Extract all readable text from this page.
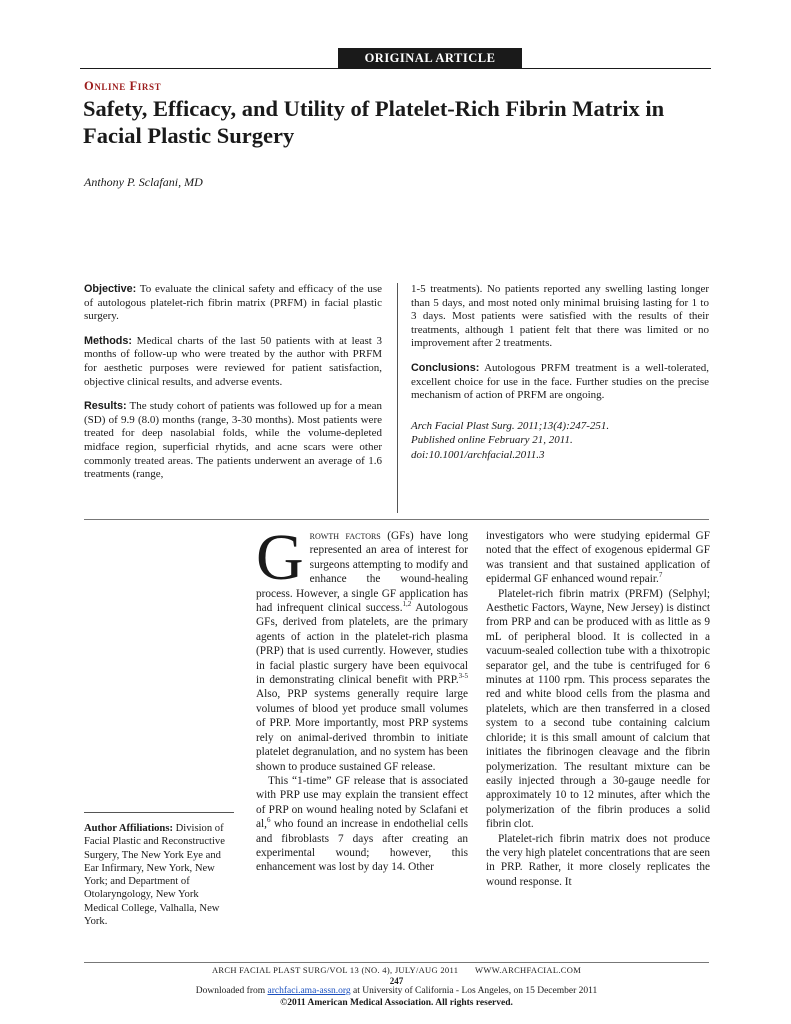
ORIGINAL ARTICLE
Online First
Safety, Efficacy, and Utility of Platelet-Rich Fibrin Matrix in Facial Plastic Surgery
Anthony P. Sclafani, MD

Objective: To evaluate the clinical safety and efficacy of the use of autologous platelet-rich fibrin matrix (PRFM) in facial plastic surgery.

Methods: Medical charts of the last 50 patients with at least 3 months of follow-up who were treated by the author with PRFM for aesthetic purposes were reviewed for patient satisfaction, objective clinical results, and adverse events.

Results: The study cohort of patients was followed up for a mean (SD) of 9.9 (8.0) months (range, 3-30 months). Most patients were treated for deep nasolabial folds, while the volume-depleted midface region, superficial rhytids, and acne scars were other commonly treated areas. The patients underwent an average of 1.6 treatments (range,

1-5 treatments). No patients reported any swelling lasting longer than 5 days, and most noted only minimal bruising lasting for 1 to 3 days. Most patients were satisfied with the results of their treatments, although 1 patient felt that there was limited or no improvement after 2 treatments.

Conclusions: Autologous PRFM treatment is a well-tolerated, excellent choice for use in the face. Further studies on the precise mechanism of action of PRFM are ongoing.

Arch Facial Plast Surg. 2011;13(4):247-251.
Published online February 21, 2011.
doi:10.1001/archfacial.2011.3

Growth factors (GFs) have long represented an area of interest for surgeons attempting to modify and enhance the wound-healing process. However, a single GF application has had infrequent clinical success.$^{1,2}$ Autologous GFs, derived from platelets, are the primary agents of action in the platelet-rich plasma (PRP) that is used currently. However, studies in facial plastic surgery have been equivocal in demonstrating clinical benefit with PRP.$^{3-5}$ Also, PRP systems generally require large volumes of blood yet produce small volumes of PRP. More importantly, most PRP systems rely on animal-derived thrombin to initiate platelet degranulation, and no system has been shown to produce sustained GF release.

This “1-time” GF release that is associated with PRP use may explain the transient effect of PRP on wound healing noted by Sclafani et al,$^6$ who found an increase in endothelial cells and fibroblasts 7 days after creating an experimental wound; however, this enhancement was lost by day 14. Other

investigators who were studying epidermal GF noted that the effect of exogenous epidermal GF was transient and that sustained application of epidermal GF enhanced wound repair.$^7$

Platelet-rich fibrin matrix (PRFM) (Selphyl; Aesthetic Factors, Wayne, New Jersey) is distinct from PRP and can be produced with as little as 9 mL of peripheral blood. It is collected in a vacuum-sealed collection tube with a thixotropic separator gel, and the tube is centrifuged for 6 minutes at 1100 rpm. This process separates the red and white blood cells from the plasma and platelets, which are then transferred in a closed system to a second tube containing calcium chloride; it is this small amount of calcium that initiates the fibrinogen cleavage and the fibrin polymerization. The resultant mixture can be easily injected through a 30-gauge needle for approximately 10 to 12 minutes, after which the polymerization of the fibrin produces a solid fibrin clot.

Platelet-rich fibrin matrix does not produce the very high platelet concentrations that are seen in PRP. Rather, it more closely replicates the wound response. It

Author Affiliations: Division of Facial Plastic and Reconstructive Surgery, The New York Eye and Ear Infirmary, New York, New York; and Department of Otolaryngology, New York Medical College, Valhalla, New York.
ARCH FACIAL PLAST SURG/VOL 13 (NO. 4), JULY/AUG 2011       WWW.ARCHFACIAL.COM
247
Downloaded from archfaci.ama-assn.org at University of California - Los Angeles, on 15 December 2011
©2011 American Medical Association. All rights reserved.
